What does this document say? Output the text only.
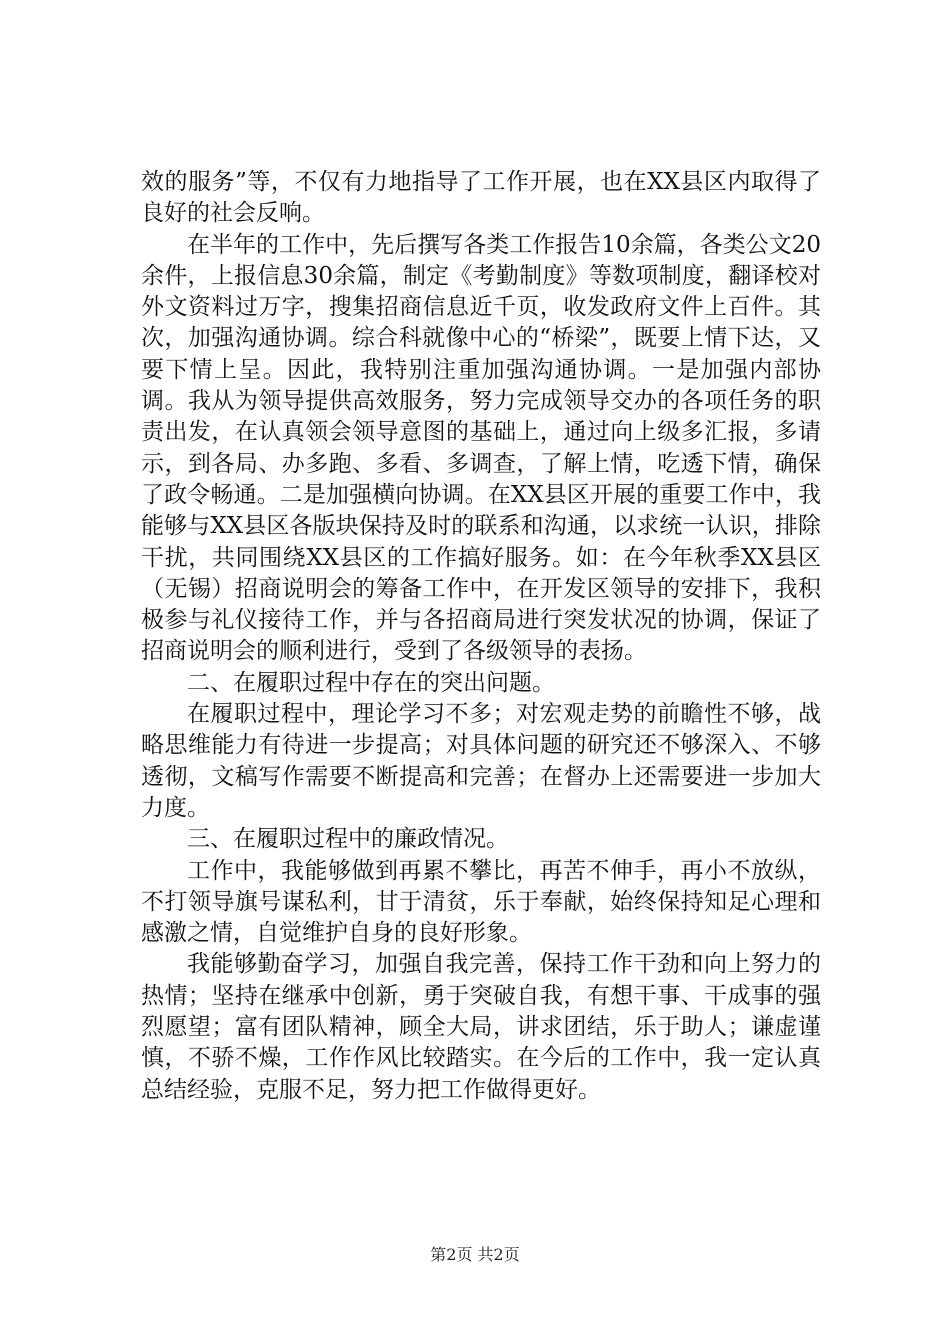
效的服务”等，不仅有力地指导了工作开展，也在XX县区内取得了良好的社会反响。

在半年的工作中，先后撰写各类工作报告10余篇，各类公文20余件，上报信息30余篇，制定《考勤制度》等数项制度，翻译校对外文资料过万字，搜集招商信息近千页，收发政府文件上百件。其次，加强沟通协调。综合科就像中心的“桥梁”，既要上情下达，又要下情上呈。因此，我特别注重加强沟通协调。一是加强内部协调。我从为领导提供高效服务，努力完成领导交办的各项任务的职责出发，在认真领会领导意图的基础上，通过向上级多汇报，多请示，到各局、办多跑、多看、多调查，了解上情，吃透下情，确保了政令畅通。二是加强横向协调。在XX县区开展的重要工作中，我能够与XX县区各版块保持及时的联系和沟通，以求统一认识，排除干扰，共同围绕XX县区的工作搞好服务。如：在今年秋季XX县区（无锡）招商说明会的筹备工作中，在开发区领导的安排下，我积极参与礼仪接待工作，并与各招商局进行突发状况的协调，保证了招商说明会的顺利进行，受到了各级领导的表扬。

二、在履职过程中存在的突出问题。

在履职过程中，理论学习不多；对宏观走势的前瞻性不够，战略思维能力有待进一步提高；对具体问题的研究还不够深入、不够透彻，文稿写作需要不断提高和完善；在督办上还需要进一步加大力度。

三、在履职过程中的廉政情况。

工作中，我能够做到再累不攀比，再苦不伸手，再小不放纵，不打领导旗号谋私利，甘于清贫，乐于奉献，始终保持知足心理和感激之情，自觉维护自身的良好形象。

我能够勤奋学习，加强自我完善，保持工作干劲和向上努力的热情；坚持在继承中创新，勇于突破自我，有想干事、干成事的强烈愿望；富有团队精神，顾全大局，讲求团结，乐于助人；谦虚谨慎，不骄不燥，工作作风比较踏实。在今后的工作中，我一定认真总结经验，克服不足，努力把工作做得更好。

第2页 共2页
